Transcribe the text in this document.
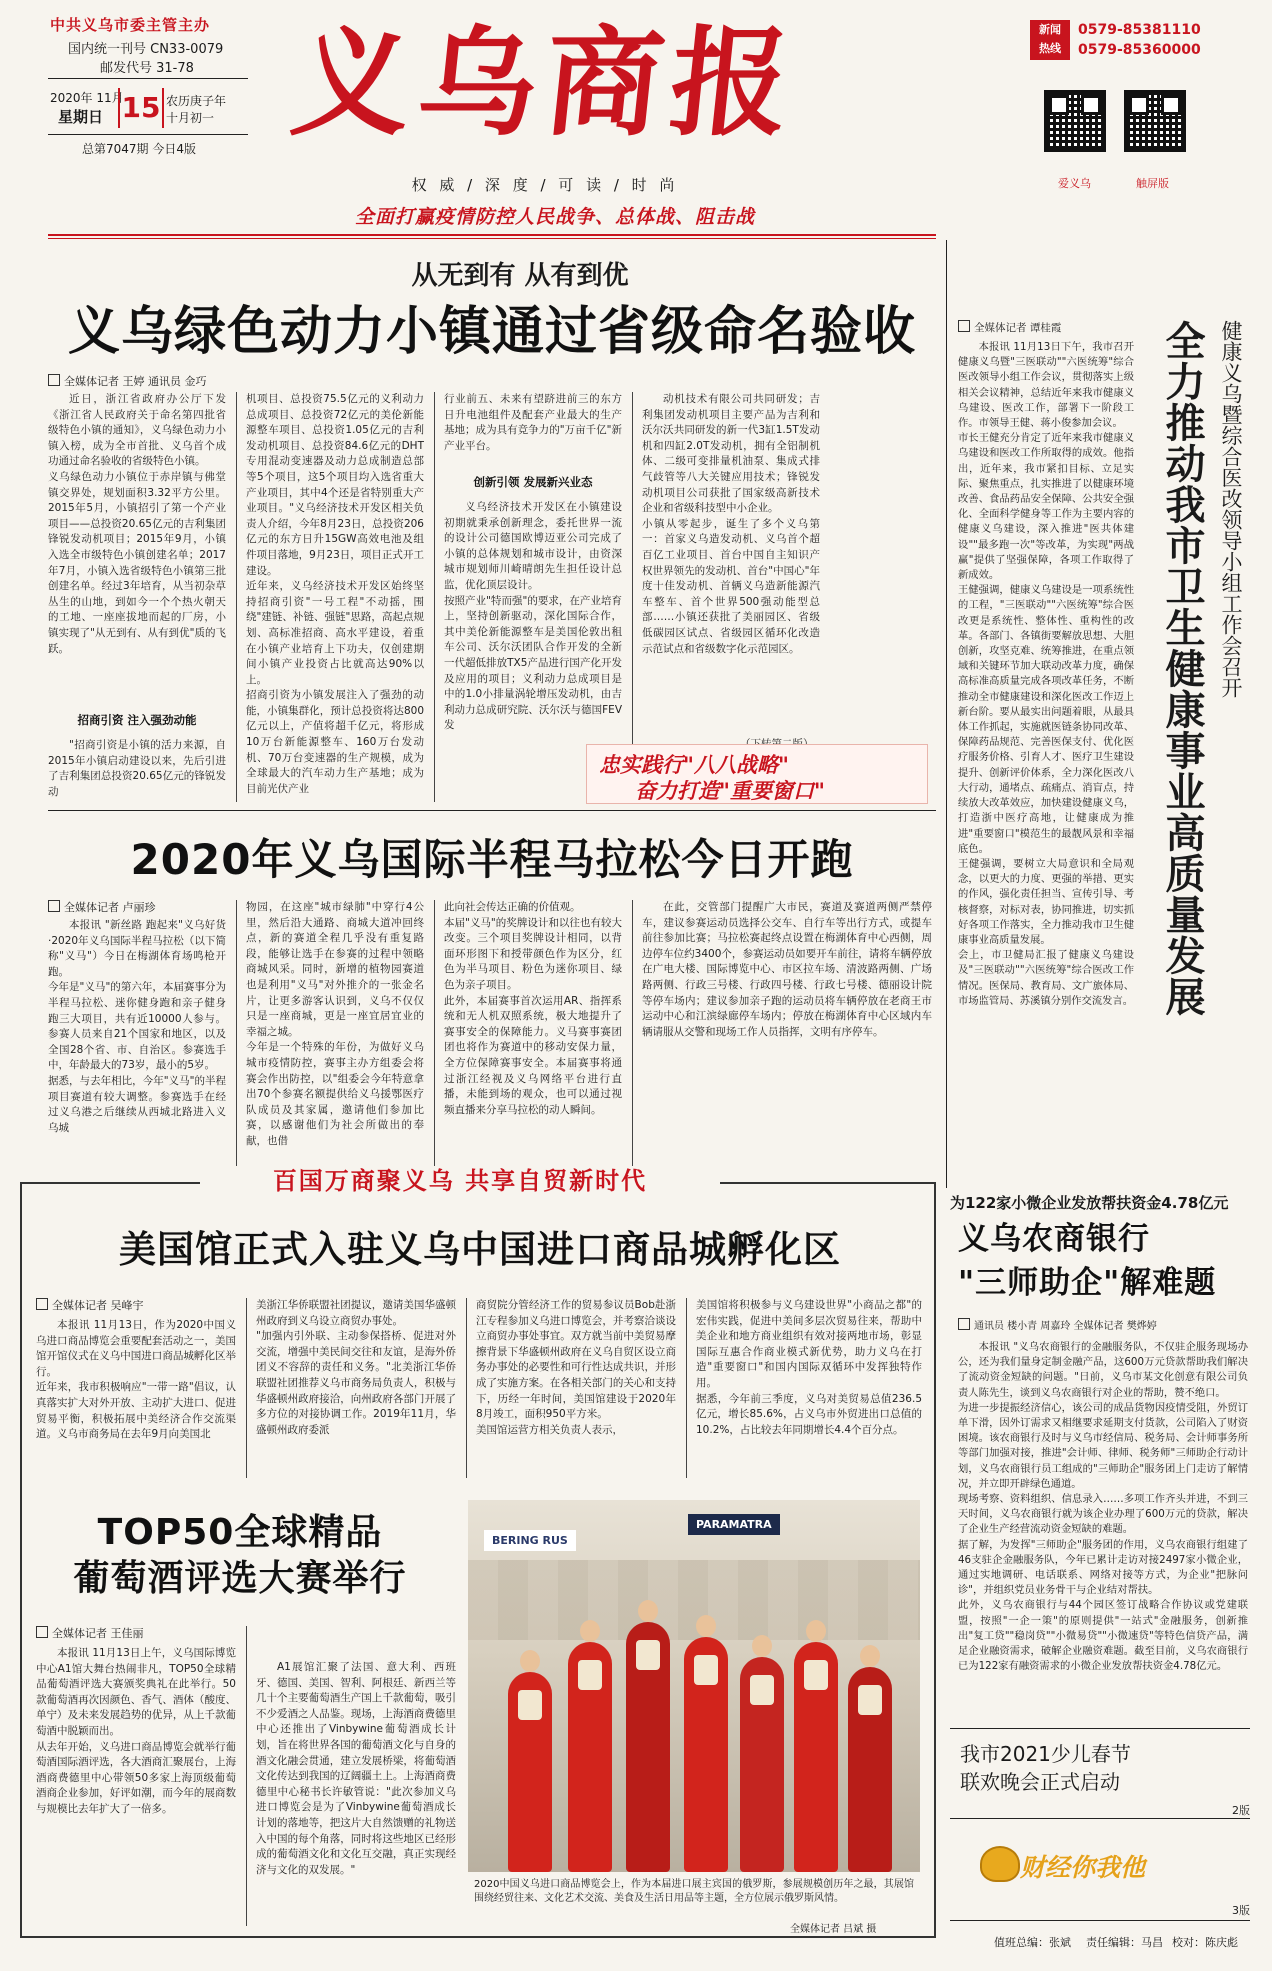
中共义乌市委主管主办
国内统一刊号 CN33-0079
邮发代号 31-78
2020年 11月
星期日 15 农历庚子年
十月初一
总第7047期 今日4版 义乌商报
权 威 / 深 度 / 可 读 / 时 尚
全面打赢疫情防控人民战争、总体战、阻击战
新闻
热线
0579-85381110
0579-85360000
爱义乌	触屏版
从无到有 从有到优
义乌绿色动力小镇通过省级命名验收
全媒体记者 王婷 通讯员 金巧
近日，浙江省政府办公厅下发《浙江省人民政府关于命名第四批省级特色小镇的通知》，义乌绿色动力小镇入榜，成为全市首批、义乌首个成功通过命名验收的省级特色小镇。
义乌绿色动力小镇位于赤岸镇与佛堂镇交界处，规划面积3.32平方公里。2015年5月，小镇招引了第一个产业项目——总投资20.65亿元的吉利集团锋锐发动机项目；2015年9月，小镇入选全市级特色小镇创建名单；2017年7月，小镇入选省级特色小镇第三批创建名单。经过3年培育，从当初杂草丛生的山地，到如今一个个热火朝天的工地、一座座拔地而起的厂房，小镇实现了"从无到有、从有到优"质的飞跃。
招商引资 注入强劲动能
"招商引资是小镇的活力来源，自2015年小镇启动建设以来，先后引进了吉利集团总投资20.65亿元的锋锐发动
机项目、总投资75.5亿元的义利动力总成项目、总投资72亿元的美伦新能源整车项目、总投资1.05亿元的吉利发动机项目、总投资84.6亿元的DHT专用混动变速器及动力总成制造总部等5个项目，这5个项目均入选省重大产业项目，其中4个还是省特别重大产业项目。"义乌经济技术开发区相关负责人介绍，今年8月23日，总投资206亿元的东方日升15GW高效电池及组件项目落地，9月23日，项目正式开工建设。
近年来，义乌经济技术开发区始终坚持招商引资"一号工程"不动摇，围绕"建链、补链、强链"思路，高起点规划、高标准招商、高水平建设，着重在小镇产业培育上下功夫，仅创建期间小镇产业投资占比就高达90%以上。
招商引资为小镇发展注入了强劲的动能，小镇集群化，预计总投资将达800亿元以上，产值将超千亿元，将形成10万台新能源整车、160万台发动机、70万台变速器的生产规模，成为全球最大的汽车动力生产基地；成为目前光伏产业
行业前五、未来有望跻进前三的东方日升电池组件及配套产业最大的生产基地；成为具有竞争力的"万亩千亿"新产业平台。
创新引领 发展新兴业态
义乌经济技术开发区在小镇建设初期就秉承创新理念，委托世界一流的设计公司德国欧博迈亚公司完成了小镇的总体规划和城市设计，由资深城市规划师川崎晴朗先生担任设计总监，优化顶层设计。
按照产业"特而强"的要求，在产业培育上，坚持创新驱动，深化国际合作，其中美伦新能源整车是美国伦敦出租车公司、沃尔沃团队合作开发的全新一代超低排放TX5产品进行国产化开发及应用的项目；义利动力总成项目是中的1.0小排量涡轮增压发动机，由吉利动力总成研究院、沃尔沃与德国FEV发
动机技术有限公司共同研发；吉利集团发动机项目主要产品为吉利和沃尔沃共同研发的新一代3缸1.5T发动机和四缸2.0T发动机，拥有全铝制机体、二级可变排量机油泵、集成式排气歧管等八大关键应用技术；锋锐发动机项目公司获批了国家级高新技术企业和省级科技型中小企业。
小镇从零起步，诞生了多个义乌第一：首家义乌造发动机、义乌首个超百亿工业项目、首台中国自主知识产权世界领先的发动机、首台"中国心"年度十佳发动机、首辆义乌造新能源汽车整车、首个世界500强动能型总部……小镇还获批了美丽园区、省级低碳园区试点、省级园区循环化改造示范试点和省级数字化示范园区。
忠实践行"八八战略"
奋力打造"重要窗口"
全媒体记者 谭桂霞
本报讯 11月13日下午，我市召开健康义乌暨"三医联动""六医统筹"综合医改领导小组工作会议，贯彻落实上级相关会议精神，总结近年来我市健康义乌建设、医改工作，部署下一阶段工作。市领导王健、蒋小俊参加会议。
市长王健充分肯定了近年来我市健康义乌建设和医改工作所取得的成效。他指出，近年来，我市紧扣目标、立足实际、聚焦重点，扎实推进了以健康环境改善、食品药品安全保障、公共安全强化、全面科学健身等工作为主要内容的健康义乌建设，深入推进"医共体建设""最多跑一次"等改革，为实现"两战赢"提供了坚强保障，各项工作取得了新成效。
王健强调，健康义乌建设是一项系统性的工程，"三医联动""六医统筹"综合医改更是系统性、整体性、重构性的改革。各部门、各镇街要解放思想、大胆创新，攻坚克难、统筹推进，在重点领域和关键环节加大联动改革力度，确保高标准高质量完成各项改革任务，不断推动全市健康建设和深化医改工作迈上新台阶。要从最实出问题着眼，从最具体工作抓起，实施就医链条协同改革、保障药品规范、完善医保支付、优化医疗服务价格、引育人才、医疗卫生建设提升、创新评价体系，全力深化医改八大行动，通堵点、疏痛点、消盲点，持续放大改革效应，加快建设健康义乌，打造浙中医疗高地，让健康成为推进"重要窗口"模范生的最靓风景和幸福底色。
王健强调，要树立大局意识和全局观念，以更大的力度、更强的举措、更实的作风，强化责任担当、宣传引导、考核督察，对标对表，协同推进，切实抓好各项工作落实，全力推动我市卫生健康事业高质量发展。
会上，市卫健局汇报了健康义乌建设及"三医联动""六医统筹"综合医改工作情况。医保局、教育局、文广旅体局、市场监管局、苏溪镇分别作交流发言。 全力推动我市卫生健康事业高质量发展 健康义乌暨综合医改领导小组工作会召开
2020年义乌国际半程马拉松今日开跑
全媒体记者 卢丽珍
本报讯 "新丝路 跑起来"义乌好货·2020年义乌国际半程马拉松（以下简称"义马"）今日在梅湖体育场鸣枪开跑。
今年是"义马"的第六年，本届赛事分为半程马拉松、迷你健身跑和亲子健身跑三大项目，共有近10000人参与。参赛人员来自21个国家和地区，以及全国28个省、市、自治区。参赛选手中，年龄最大的73岁，最小的5岁。
据悉，与去年相比，今年"义马"的半程项目赛道有较大调整。参赛选手在经过义乌港之后继续从西城北路进入义乌城
物园，在这座"城市绿肺"中穿行4公里，然后沿大通路、商城大道冲回终点，新的赛道全程几乎没有重复路段，能够让选手在参赛的过程中领略商城风采。同时，新增的植物园赛道也是利用"义马"对外推介的一张金名片，让更多游客认识到，义乌不仅仅只是一座商城，更是一座宜居宜业的幸福之城。
今年是一个特殊的年份，为做好义乌城市疫情防控，赛事主办方组委会将赛会作出防控，以"组委会今年特意拿出70个参赛名额提供给义乌援鄂医疗队成员及其家属，邀请他们参加比赛，以感谢他们为社会所做出的奉献，也借
此向社会传达正确的价值观。
本届"义马"的奖牌设计和以往也有较大改变。三个项目奖牌设计相同，以背面环形图下和授带颜色作为区分，红色为半马项目、粉色为迷你项目、绿色为亲子项目。
此外，本届赛事首次运用AR、指挥系统和无人机双照系统，极大地提升了赛事安全的保障能力。义马赛事赛团团也将作为赛道中的移动安保力量，全方位保障赛事安全。本届赛事将通过浙江经视及义乌网络平台进行直播，未能到场的观众，也可以通过视频直播来分享马拉松的动人瞬间。
在此，交管部门提醒广大市民，赛道及赛道两侧严禁停车，建议参赛运动员选择公交车、自行车等出行方式，或提车前往参加比赛；马拉松赛起终点设置在梅湖体育中心西侧，周边停车位约3400个，参赛运动员如要开车前往，请将车辆停放在广电大楼、国际博览中心、市区拉车场、清波路两侧、广场路两侧、行政三号楼、行政四号楼、行政七号楼、德丽设计院等停车场内；建议参加亲子跑的运动员将车辆停放在老商王市运动中心和江滨绿廊停车场内；停放在梅湖体育中心区域内车辆请服从交警和现场工作人员指挥，文明有序停车。
百国万商聚义乌 共享自贸新时代
美国馆正式入驻义乌中国进口商品城孵化区
全媒体记者 吴峰宇
本报讯 11月13日，作为2020中国义乌进口商品博览会重要配套活动之一，美国馆开馆仪式在义乌中国进口商品城孵化区举行。
近年来，我市积极响应"一带一路"倡议，认真落实扩大对外开放、主动扩大进口、促进贸易平衡，积极拓展中美经济合作交流渠道。义乌市商务局在去年9月向美国北
美浙江华侨联盟社团提议，邀请美国华盛顿州政府到义乌设立商贸办事处。
"加强内引外联、主动参保搭桥、促进对外交流，增强中美民间交往和友谊，是海外侨团义不容辞的责任和义务。"北美浙江华侨联盟社团推荐义乌市商务局负责人，积极与华盛顿州政府接洽，向州政府各部门开展了多方位的对接协调工作。2019年11月，华盛顿州政府委派
商贸院分管经济工作的贸易参议员Bob赴浙江专程参加义乌进口博览会，并考察洽谈设立商贸办事处事宜。双方就当前中美贸易摩擦背景下华盛顿州政府在义乌自贸区设立商务办事处的必要性和可行性达成共识，并形成了实施方案。在各相关部门的关心和支持下，历经一年时间，美国馆建设于2020年8月竣工，面积950平方米。
美国馆运营方相关负责人表示，
美国馆将积极参与义乌建设世界"小商品之都"的宏伟实践，促进中美间多层次贸易往来，帮助中美企业和地方商业组织有效对接两地市场，彰显国际互惠合作商业模式新优势，助力义乌在打造"重要窗口"和国内国际双循环中发挥独特作用。
据悉，今年前三季度，义乌对美贸易总值236.5亿元，增长85.6%，占义乌市外贸进出口总值的10.2%，占比较去年同期增长4.4个百分点。
TOP50全球精品
葡萄酒评选大赛举行
全媒体记者 王佳丽
本报讯 11月13日上午，义乌国际博览中心A1馆大舞台热闹非凡，TOP50全球精品葡萄酒评选大赛颁奖典礼在此举行。50款葡萄酒再次因颜色、香气、酒体（酸度、单宁）及未来发展趋势的优异，从上千款葡萄酒中脱颖而出。
从去年开始，义乌进口商品博览会就举行葡萄酒国际酒评选，各大酒商汇聚展台，上海酒商费德里中心带领50多家上海顶级葡萄酒商企业参加，好评如潮，而今年的展商数与规模比去年扩大了一倍多。
A1展馆汇聚了法国、意大利、西班牙、德国、美国、智利、阿根廷、新西兰等几十个主要葡萄酒生产国上千款葡萄，吸引不少爱酒之人品鉴。现场，上海酒商费德里中心还推出了Vinbywine葡萄酒成长计划，旨在将世界各国的葡萄酒文化与自身的酒文化融会贯通，建立发展桥梁，将葡萄酒文化传达到我国的辽阔疆土上。上海酒商费德里中心秘书长许敏管说："此次参加义乌进口博览会是为了Vinbywine葡萄酒成长计划的落地等，把这片大自然馈赠的礼物送入中国的每个角落，同时将这些地区已经形成的葡萄酒文化和文化互交融，真正实现经济与文化的双发展。"
BERING RUS
PARAMATRA
2020中国义乌进口商品博览会上，作为本届进口展主宾国的俄罗斯，参展规模创历年之最，其展馆围绕经贸往来、文化艺术交流、美食及生活日用品等主题，全方位展示俄罗斯风情。
全媒体记者 吕斌 摄
为122家小微企业发放帮扶资金4.78亿元
义乌农商银行
"三师助企"解难题
通讯员 楼小青 周嘉玲 全媒体记者 樊烨婷
本报讯 "义乌农商银行的金融服务队，不仅驻企服务现场办公，还为我们量身定制金融产品，这600万元贷款帮助我们解决了流动资金短缺的问题。"日前，义乌市某文化创意有限公司负责人陈先生，谈到义乌农商银行对企业的帮助，赞不绝口。
为进一步提振经济信心，该公司的成品货物因疫情受阻，外贸订单下滑，因外订需求又相继要求延期支付货款，公司陷入了财资困境。该农商银行及时与义乌市经信局、税务局、会计师事务所等部门加强对接，推进"会计师、律师、税务师"三师助企行动计划，义乌农商银行员工组成的"三师助企"服务团上门走访了解情况，并立即开辟绿色通道。
现场考察、资料组织、信息录入……多项工作齐头并进，不到三天时间，义乌农商银行就为该企业办理了600万元的贷款，解决了企业生产经营流动资金短缺的难题。
据了解，为发挥"三师助企"服务团的作用，义乌农商银行组建了46支驻企金融服务队，今年已累计走访对接2497家小微企业，通过实地调研、电话联系、网络对接等方式，为企业"把脉问诊"，并组织党员业务骨干与企业结对帮扶。
此外，义乌农商银行与44个园区签订战略合作协议或党建联盟，按照"一企一策"的原则提供"一站式"金融服务，创新推出"复工贷""稳岗贷""小微易贷""小微速贷"等特色信贷产品，满足企业融资需求，破解企业融资难题。截至目前，义乌农商银行已为122家有融资需求的小微企业发放帮扶资金4.78亿元。
我市2021少儿春节
联欢晚会正式启动
2版
财经你我他
3版
值班总编：张斌 责任编辑：马昌 校对：陈庆彪
